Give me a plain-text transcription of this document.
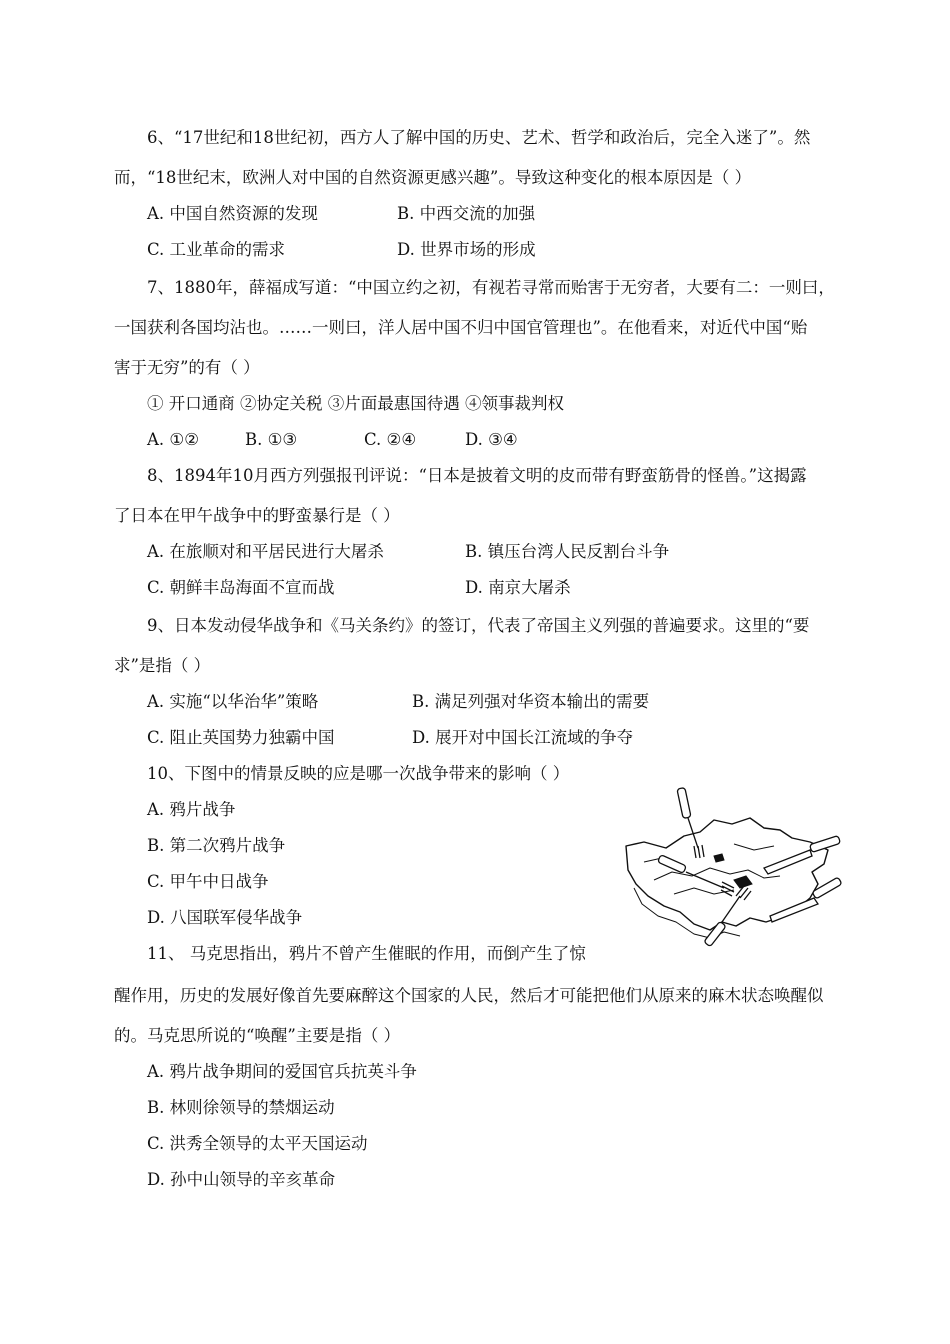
6、“17世纪和18世纪初，西方人了解中国的历史、艺术、哲学和政治后，完全入迷了”。然
而，“18世纪末，欧洲人对中国的自然资源更感兴趣”。导致这种变化的根本原因是（ ）
A. 中国自然资源的发现	B. 中西交流的加强
C. 工业革命的需求	D. 世界市场的形成
7、1880年，薛福成写道：“中国立约之初，有视若寻常而贻害于无穷者，大要有二：一则曰，
一国获利各国均沾也。……一则曰，洋人居中国不归中国官管理也”。在他看来，对近代中国“贻
害于无穷”的有（ ）
① 开口通商 ②协定关税 ③片面最惠国待遇 ④领事裁判权
A. ①②	B. ①③	C. ②④	D. ③④
8、1894年10月西方列强报刊评说：“日本是披着文明的皮而带有野蛮筋骨的怪兽。”这揭露
了日本在甲午战争中的野蛮暴行是（ ）
A. 在旅顺对和平居民进行大屠杀	B. 镇压台湾人民反割台斗争
C. 朝鲜丰岛海面不宣而战	D. 南京大屠杀
9、日本发动侵华战争和《马关条约》的签订，代表了帝国主义列强的普遍要求。这里的“要
求”是指（ ）
A. 实施“以华治华”策略	B. 满足列强对华资本输出的需要
C. 阻止英国势力独霸中国	D. 展开对中国长江流域的争夺
10、下图中的情景反映的应是哪一次战争带来的影响（ ）
A. 鸦片战争
B. 第二次鸦片战争
C. 甲午中日战争
D. 八国联军侵华战争
11、 马克思指出，鸦片不曾产生催眠的作用，而倒产生了惊
醒作用，历史的发展好像首先要麻醉这个国家的人民，然后才可能把他们从原来的麻木状态唤醒似
的。马克思所说的“唤醒”主要是指（ ）
A. 鸦片战争期间的爱国官兵抗英斗争
B. 林则徐领导的禁烟运动
C. 洪秀全领导的太平天国运动
D. 孙中山领导的辛亥革命
